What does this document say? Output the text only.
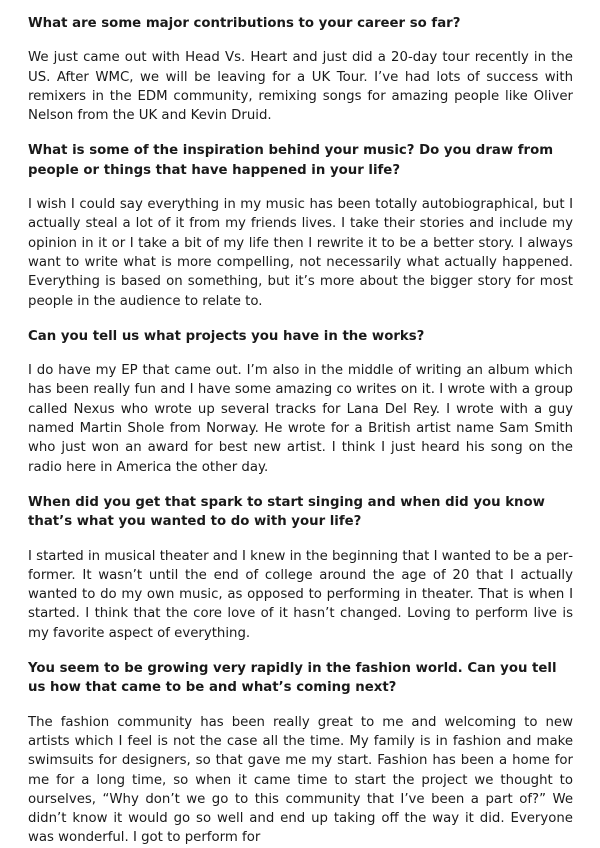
What are some major contributions to your career so far?

We just came out with Head Vs. Heart and just did a 20-day tour recently in the US. After WMC, we will be leaving for a UK Tour. I’ve had lots of success with remixers in the EDM community, remixing songs for amazing people like Oliver Nelson from the UK and Kevin Druid.

What is some of the inspiration behind your music? Do you draw from people or things that have happened in your life?

I wish I could say everything in my music has been totally autobiographical, but I actually steal a lot of it from my friends lives. I take their stories and include my opinion in it or I take a bit of my life then I rewrite it to be a better story. I always want to write what is more compelling, not necessarily what actually happened. Everything is based on something, but it’s more about the bigger story for most people in the audience to relate to.

Can you tell us what projects you have in the works?

I do have my EP that came out. I’m also in the middle of writing an album which has been really fun and I have some amazing co writes on it. I wrote with a group called Nexus who wrote up several tracks for Lana Del Rey. I wrote with a guy named Martin Shole from Norway. He wrote for a British artist name Sam Smith who just won an award for best new artist. I think I just heard his song on the radio here in America the other day.

When did you get that spark to start singing and when did you know that’s what you wanted to do with your life?

I started in musical theater and I knew in the beginning that I wanted to be a performer. It wasn’t until the end of college around the age of 20 that I actually wanted to do my own music, as opposed to performing in theater. That is when I started. I think that the core love of it hasn’t changed. Loving to perform live is my favorite aspect of everything.

You seem to be growing very rapidly in the fashion world. Can you tell us how that came to be and what’s coming next?

The fashion community has been really great to me and welcoming to new artists which I feel is not the case all the time. My family is in fashion and make swimsuits for designers, so that gave me my start. Fashion has been a home for me for a long time, so when it came time to start the project we thought to ourselves, “Why don’t we go to this community that I’ve been a part of?” We didn’t know it would go so well and end up taking off the way it did. Everyone was wonderful. I got to perform for
